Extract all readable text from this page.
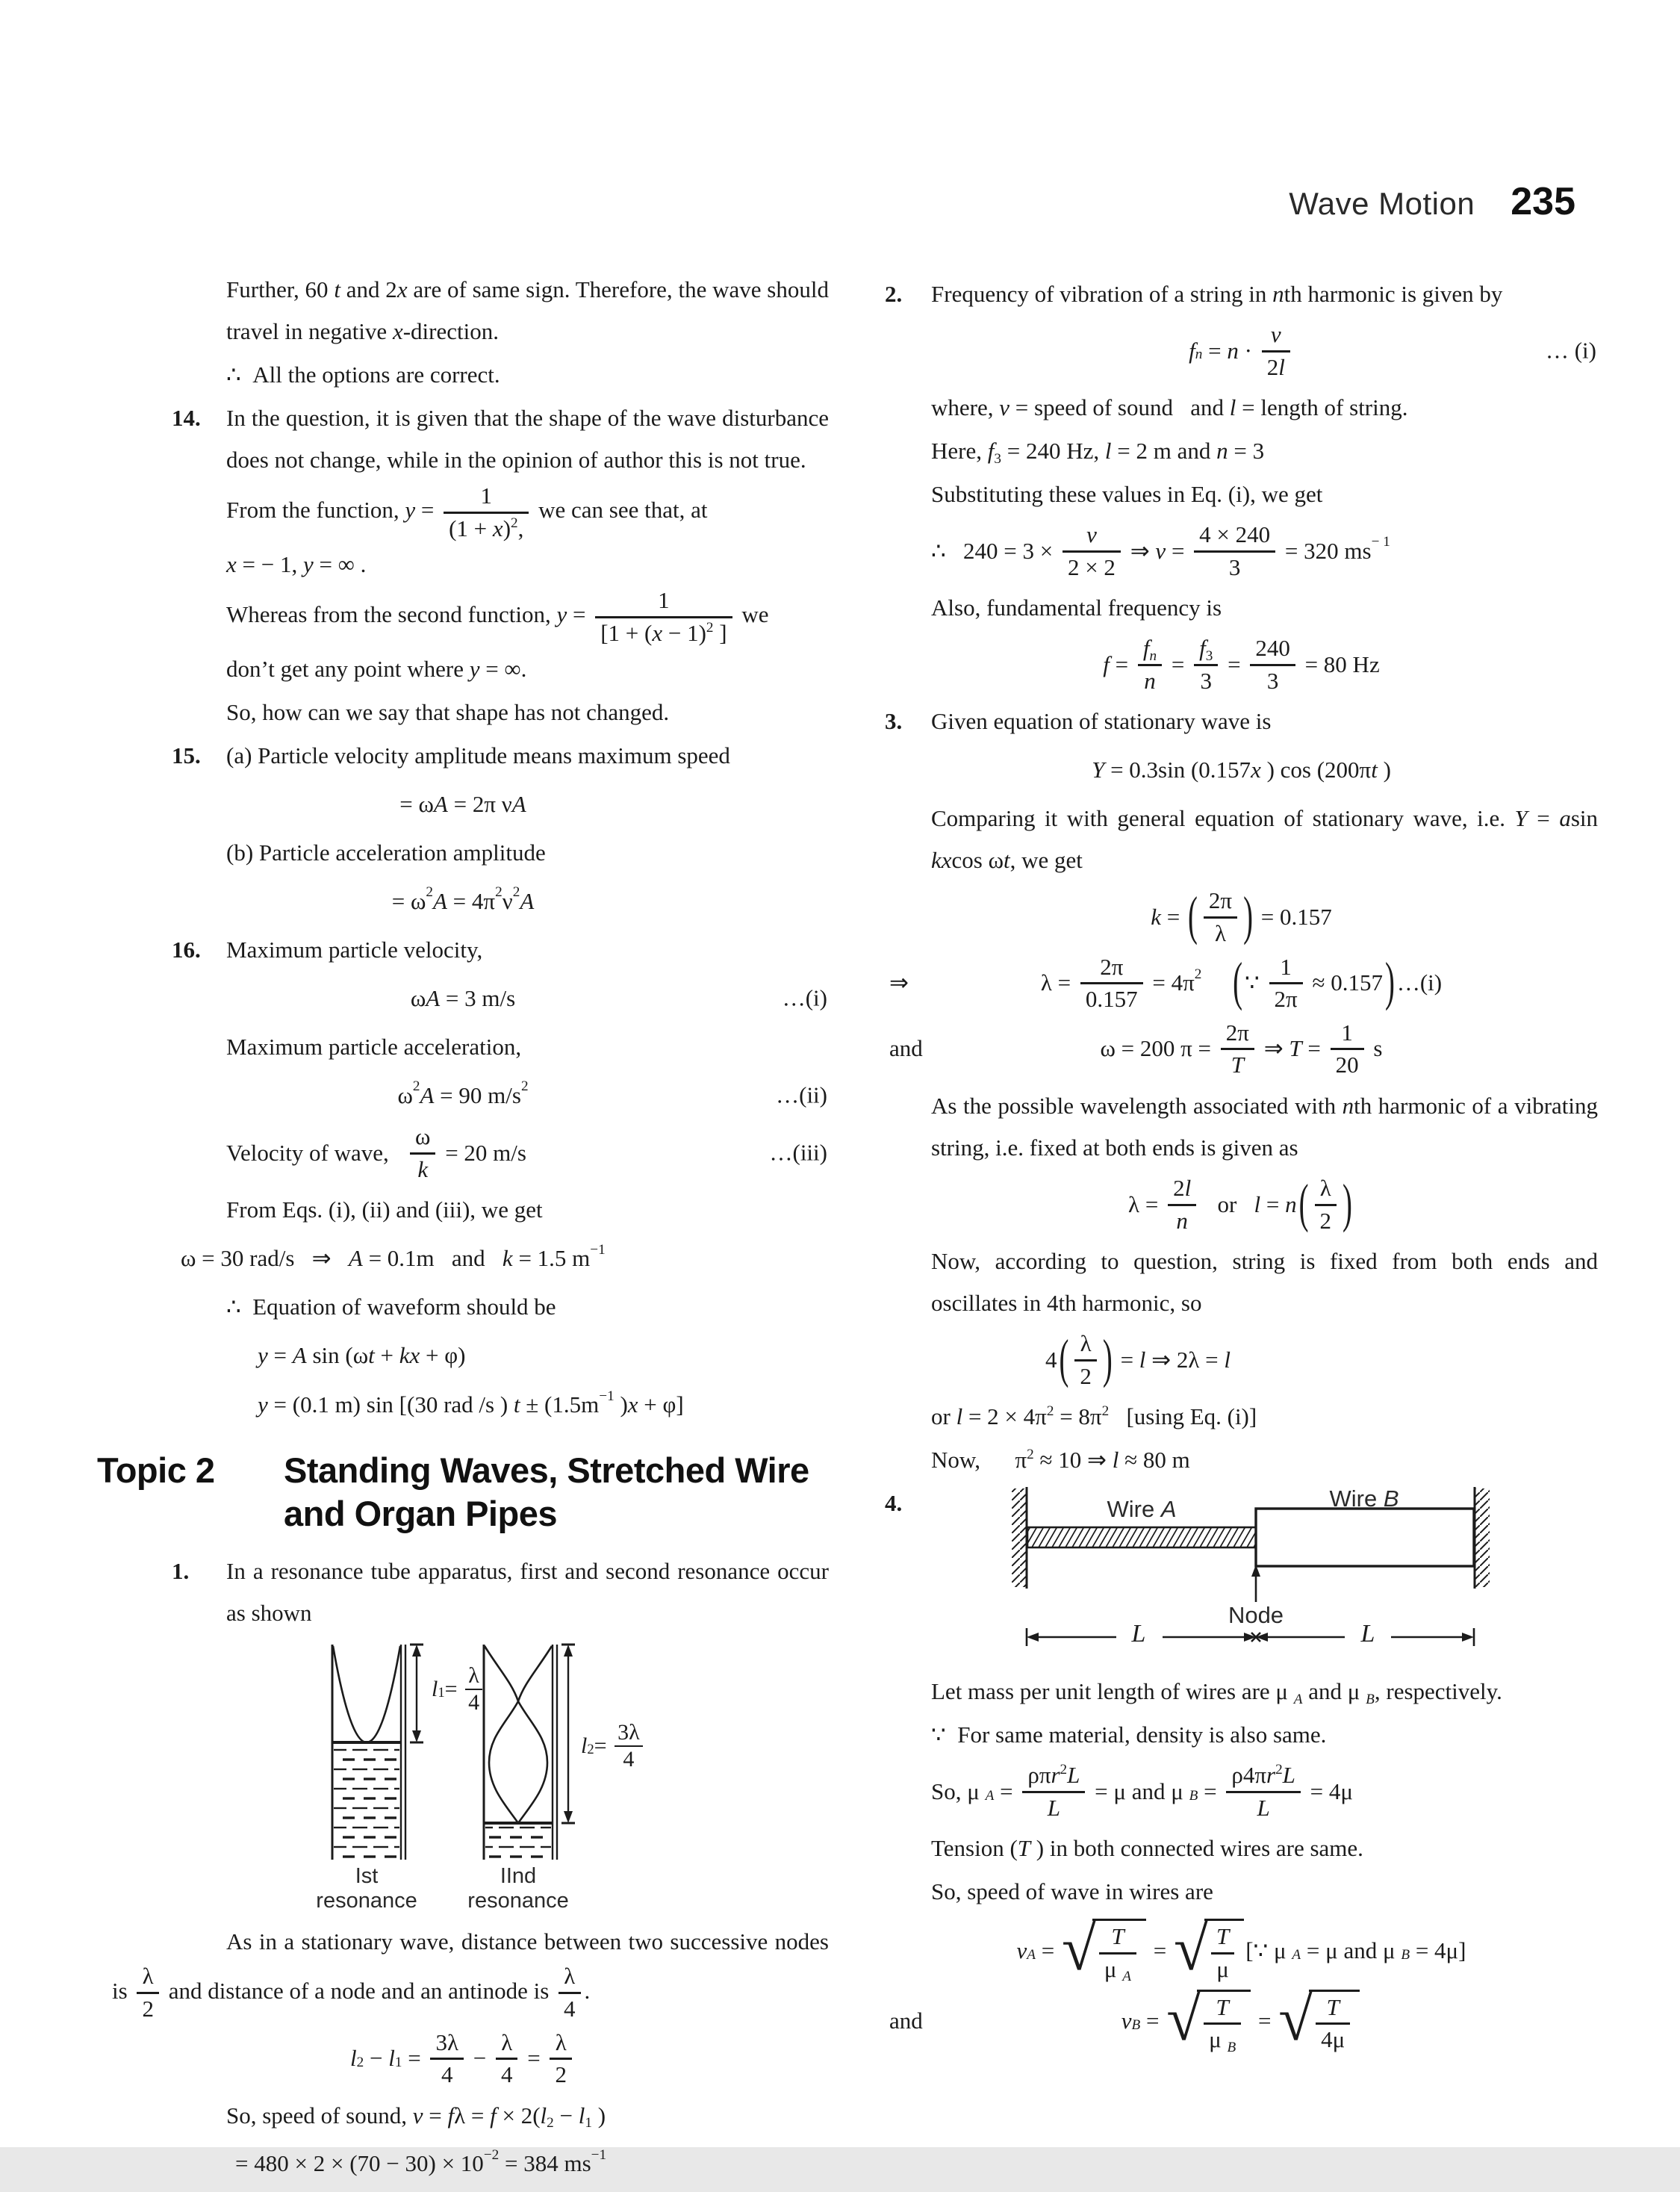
Wave Motion 235
Further, 60 t and 2x are of same sign. Therefore, the wave should travel in negative x-direction.
∴ All the options are correct.
14. In the question, it is given that the shape of the wave disturbance does not change, while in the opinion of author this is not true.
From the function, $y = \frac{1}{(1 + x)^2,}$ we can see that, at
x = − 1, y = ∞ .
Whereas from the second function, $y = \frac{1}{[1 + (x - 1)^2 ]}$ we
don’t get any point where y = ∞.
So, how can we say that shape has not changed.
15. (a) Particle velocity amplitude means maximum speed
= ω A = 2π ν A
(b) Particle acceleration amplitude
= $\omega^2$ $A = 4\pi^2$ $\nu^2$ A
16. Maximum particle velocity,
ω A = 3 m/s	…(i)
Maximum particle acceleration,
$\omega^2$ A = 90 $m/s^2$	…(ii)
Velocity of wave,   $\frac{\omega}{k} = 20$ m/s	…(iii)
From Eqs. (i), (ii) and (iii), we get
ω = 30 rad/s  ⇒   A = 0.1m  and   k = 1.5 $m^{-1}$
∴ Equation of waveform should be
y = A sin (ω t + kx + φ)
y = (0.1 m) sin [(30 rad /s ) $t \pm (1.5m^{-1}$ ) x + φ]
Topic 2	Standing Waves, Stretched Wire
and Organ Pipes
1. In a resonance tube apparatus, first and second resonance occur as shown
$l_1 = \frac{\lambda}{4}$
$l_2 = \frac{3\lambda}{4}$
Ist
resonance
IInd
resonance
As in a stationary wave, distance between two successive nodes is $\frac{\lambda}{2}$ and distance of a node and an antinode is $\frac{\lambda}{4}$ .
$l_2 - l_1 = \frac{3\lambda}{4} - \frac{\lambda}{4} = \frac{\lambda}{2}$
So, speed of sound, $v = f\lambda = f \times 2(l_2 - l_1$ )
= $480 \times 2 \times (70 - 30) \times 10^{-2} = 384$ $ms^{-1}$
2. Frequency of vibration of a string in nth harmonic is given by
f $_n = n \cdot \frac{v}{2l}$	… (i)
where, v = speed of sound  and l = length of string.
Here, $f_3 = 240$ Hz, l = 2 m and n = 3
Substituting these values in Eq. (i), we get
∴  $240 = 3 \times \frac{v}{2 \times 2}$ ⇒ $v = \frac{4 \times 240}{3} = 320$ $ms^{- 1}$
Also, fundamental frequency is
$f = \frac{f_n}{n} = \frac{f_3}{3} = \frac{240}{3} = 80$ Hz
3. Given equation of stationary wave is
Y = 0.3sin (0.157 x ) cos (200π t )
Comparing it with general equation of stationary wave, i.e. Y = asin kxcos ωt, we get
k = ( $\frac{2\pi}{\lambda}$ ) = 0.157
⇒	$\lambda = \frac{2\pi}{0.157} = 4\pi^2$
  ( ∵ $\frac{1}{2\pi} \approx 0.157$ ) …(i)
and	ω = 200 $\pi = \frac{2\pi}{T}$ ⇒ $T = \frac{1}{20}$ s
As the possible wavelength associated with nth harmonic of a vibrating string, i.e. fixed at both ends is given as
$\lambda = \frac{2l}{n}$   or   l = n ( $\frac{\lambda}{2}$ )
Now, according to question, string is fixed from both ends and oscillates in 4th harmonic, so
4 ( $\frac{\lambda}{2}$ ) = l ⇒ 2λ = l
or $l = 2 \times 4\pi^2 = 8\pi^2$  [using Eq. (i)]
Now,  $\pi^2 \approx 10$ ⇒ l ≈ 80 m
4.	Wire A	Wire B
Node
L	L
Let mass per unit length of wires are μ $_A$ and μ $_B$, respectively.
∵ For same material, density is also same.
So, μ $_A = \frac{\rho\pi r^2L}{L} = \mu$ and μ $_B = \frac{\rho 4\pi r^2L}{L} = 4\mu$
Tension (T ) in both connected wires are same.
So, speed of wave in wires are
v $_A$ = √ $\frac{T}{\mu _A}$ = √ $\frac{T}{\mu}$ [∵ μ $_A$ = μ and μ $_B$ = 4μ]
and	v $_B$ = √ $\frac{T}{\mu _B}$ = √ $\frac{T}{4\mu}$
